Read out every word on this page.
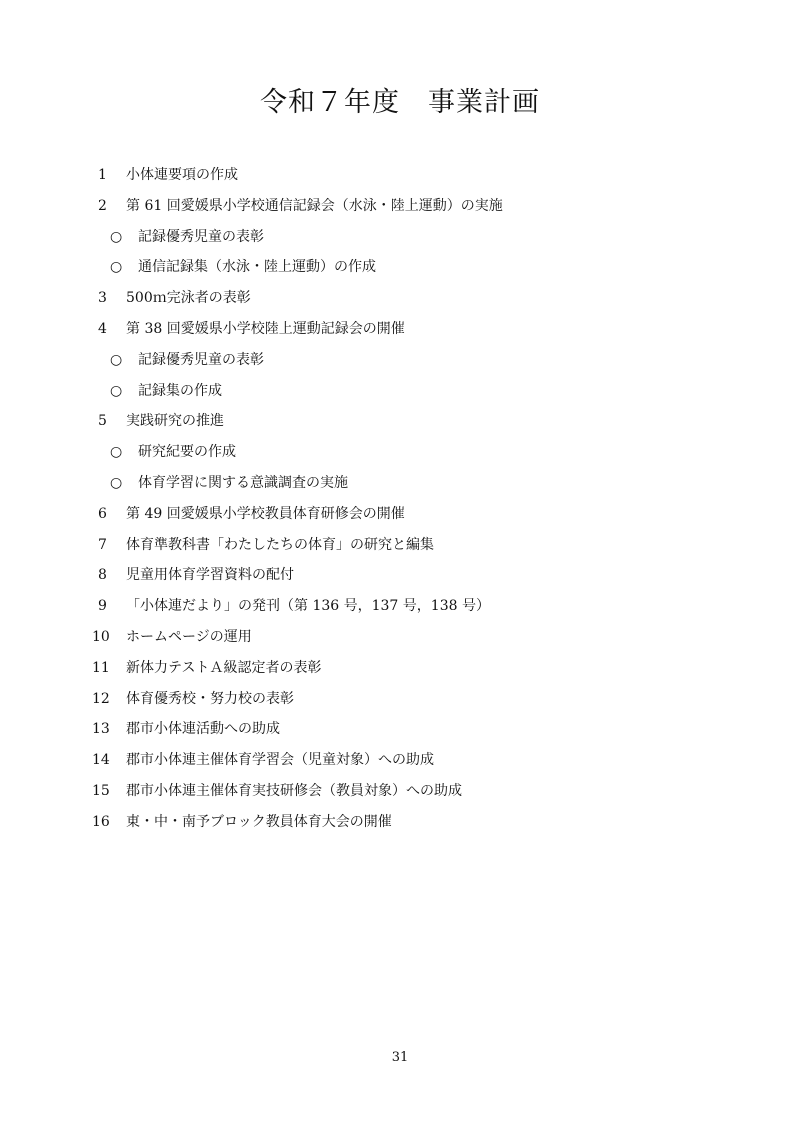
令和７年度　事業計画
1	小体連要項の作成
2	第 61 回愛媛県小学校通信記録会（水泳・陸上運動）の実施
○	記録優秀児童の表彰
○	通信記録集（水泳・陸上運動）の作成
3	500ｍ完泳者の表彰
4	第 38 回愛媛県小学校陸上運動記録会の開催
○	記録優秀児童の表彰
○	記録集の作成
5	実践研究の推進
○	研究紀要の作成
○	体育学習に関する意識調査の実施
6	第 49 回愛媛県小学校教員体育研修会の開催
7	体育準教科書「わたしたちの体育」の研究と編集
8	児童用体育学習資料の配付
9	「小体連だより」の発刊（第 136 号，137 号，138 号）
10	ホームページの運用
11	新体力テストＡ級認定者の表彰
12	体育優秀校・努力校の表彰
13	郡市小体連活動への助成
14	郡市小体連主催体育学習会（児童対象）への助成
15	郡市小体連主催体育実技研修会（教員対象）への助成
16	東・中・南予ブロック教員体育大会の開催
31
